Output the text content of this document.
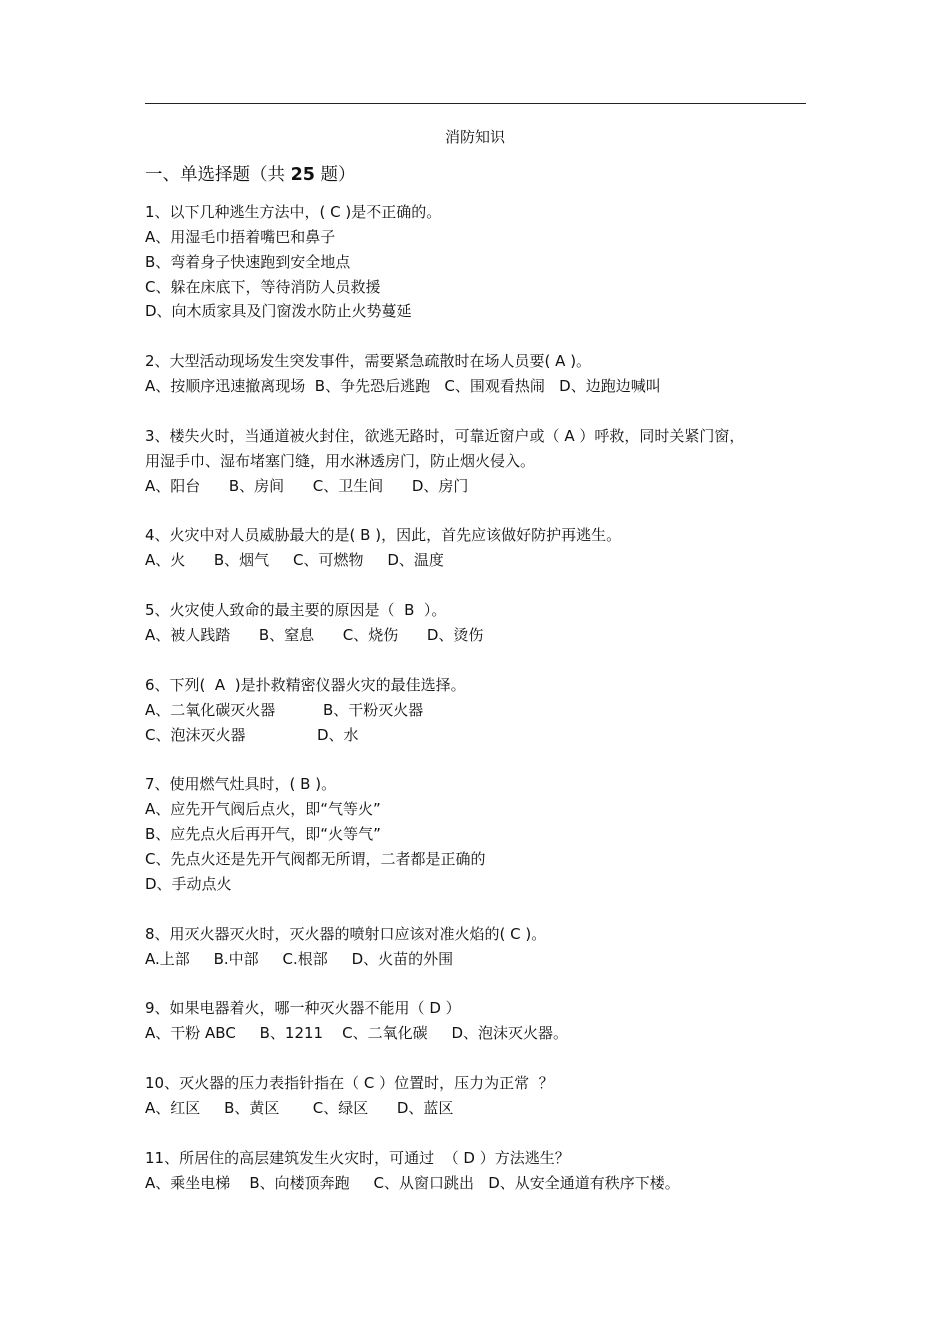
消防知识
一、单选择题（共 25 题）
1、以下几种逃生方法中，( C )是不正确的。
A、用湿毛巾捂着嘴巴和鼻子
B、弯着身子快速跑到安全地点
C、躲在床底下，等待消防人员救援
D、向木质家具及门窗泼水防止火势蔓延
2、大型活动现场发生突发事件，需要紧急疏散时在场人员要( A )。
A、按顺序迅速撤离现场  B、争先恐后逃跑   C、围观看热闹   D、边跑边喊叫
3、楼失火时，当通道被火封住，欲逃无路时，可靠近窗户或（ A ）呼救，同时关紧门窗，
用湿手巾、湿布堵塞门缝，用水淋透房门，防止烟火侵入。
A、阳台      B、房间      C、卫生间      D、房门
4、火灾中对人员威胁最大的是( B )，因此，首先应该做好防护再逃生。
A、火      B、烟气     C、可燃物     D、温度
5、火灾使人致命的最主要的原因是（  B  ）。
A、被人践踏      B、窒息      C、烧伤      D、烫伤
6、下列(  A  )是扑救精密仪器火灾的最佳选择。
A、二氧化碳灭火器          B、干粉灭火器
C、泡沫灭火器               D、水
7、使用燃气灶具时，( B )。
A、应先开气阀后点火，即“气等火”
B、应先点火后再开气，即“火等气”
C、先点火还是先开气阀都无所谓，二者都是正确的
D、手动点火
8、用灭火器灭火时，灭火器的喷射口应该对准火焰的( C )。
A.上部     B.中部     C.根部     D、火苗的外围
9、如果电器着火，哪一种灭火器不能用（ D ）
A、干粉 ABC     B、1211    C、二氧化碳     D、泡沫灭火器。
10、灭火器的压力表指针指在（ C ）位置时，压力为正常  ？
A、红区     B、黄区       C、绿区      D、蓝区
11、所居住的高层建筑发生火灾时，可通过  （ D ）方法逃生？
A、乘坐电梯    B、向楼顶奔跑     C、从窗口跳出   D、从安全通道有秩序下楼。
